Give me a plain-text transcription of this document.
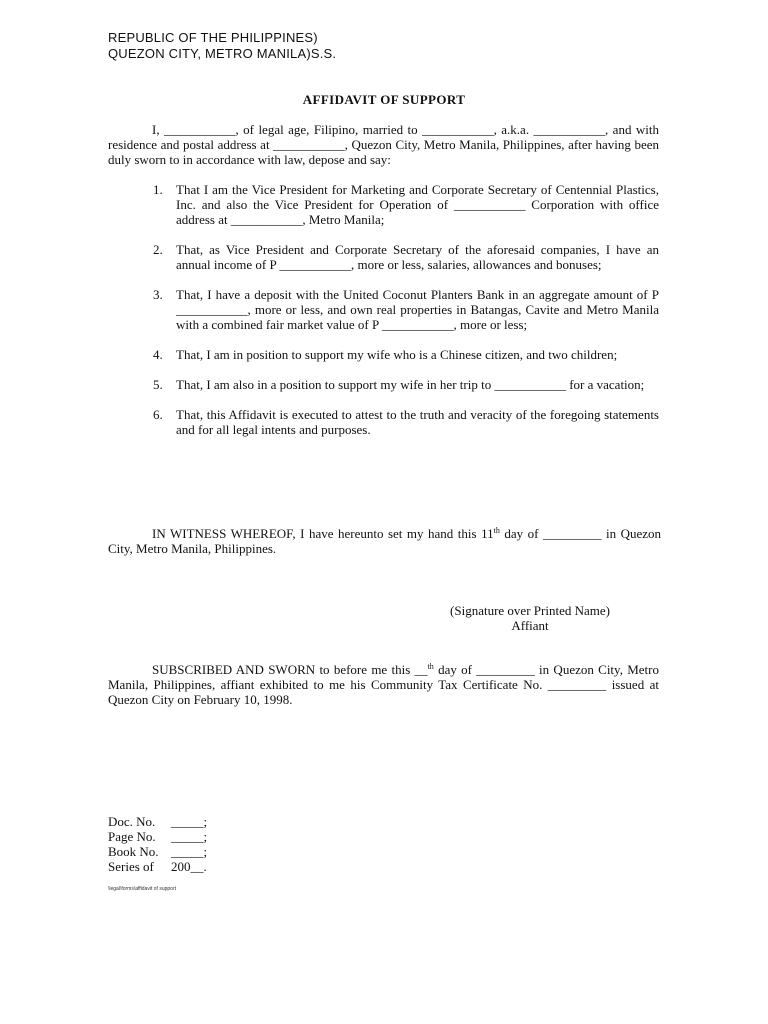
REPUBLIC OF THE PHILIPPINES)
QUEZON CITY, METRO MANILA)S.S.
AFFIDAVIT OF SUPPORT
I, ___________, of legal age, Filipino, married to ___________, a.k.a. ___________, and with residence and postal address at ___________, Quezon City, Metro Manila, Philippines, after having been duly sworn to in accordance with law, depose and say:
1. That I am the Vice President for Marketing and Corporate Secretary of Centennial Plastics, Inc. and also the Vice President for Operation of ___________ Corporation with office address at ___________, Metro Manila;
2. That, as Vice President and Corporate Secretary of the aforesaid companies, I have an annual income of P ___________, more or less, salaries, allowances and bonuses;
3. That, I have a deposit with the United Coconut Planters Bank in an aggregate amount of P ___________, more or less, and own real properties in Batangas, Cavite and Metro Manila with a combined fair market value of P ___________, more or less;
4. That, I am in position to support my wife who is a Chinese citizen, and two children;
5. That, I am also in a position to support my wife in her trip to ___________ for a vacation;
6. That, this Affidavit is executed to attest to the truth and veracity of the foregoing statements and for all legal intents and purposes.
IN WITNESS WHEREOF, I have hereunto set my hand this 11th day of _________ in Quezon City, Metro Manila, Philippines.
(Signature over Printed Name)
Affiant
SUBSCRIBED AND SWORN to before me this __$^{th}$ day of _________ in Quezon City, Metro Manila, Philippines, affiant exhibited to me his Community Tax Certificate No. _________ issued at Quezon City on February 10, 1998.
Doc. No. _____;
Page No. _____;
Book No. _____;
Series of 200__.
\legal\forms\affidavit of support
